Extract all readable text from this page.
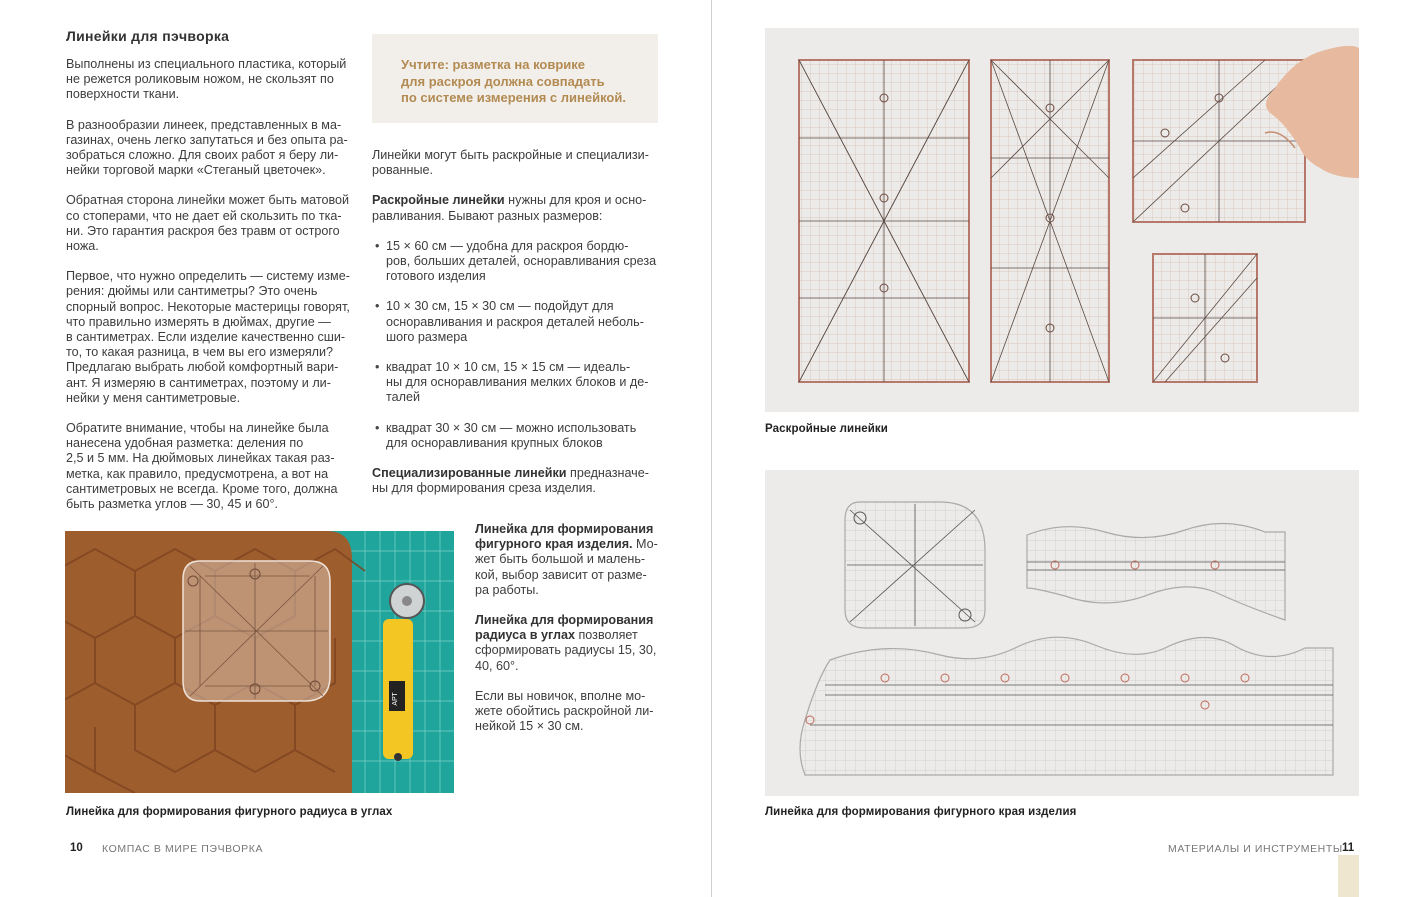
Линейки для пэчворка

Выполнены из специального пластика, который
не режется роликовым ножом, не скользят по
поверхности ткани.

В разнообразии линеек, представленных в ма-
газинах, очень легко запутаться и без опыта ра-
зобраться сложно. Для своих работ я беру ли-
нейки торговой марки «Стеганый цветочек».

Обратная сторона линейки может быть матовой
со стоперами, что не дает ей скользить по тка-
ни. Это гарантия раскроя без травм от острого
ножа.

Первое, что нужно определить — систему изме-
рения: дюймы или сантиметры? Это очень
спорный вопрос. Некоторые мастерицы говорят,
что правильно измерять в дюймах, другие —
в сантиметрах. Если изделие качественно сши-
то, то какая разница, в чем вы его измеряли?
Предлагаю выбрать любой комфортный вари-
ант. Я измеряю в сантиметрах, поэтому и ли-
нейки у меня сантиметровые.

Обратите внимание, чтобы на линейке была
нанесена удобная разметка: деления по
2,5 и 5 мм. На дюймовых линейках такая раз-
метка, как правило, предусмотрена, а вот на
сантиметровых не всегда. Кроме того, должна
быть разметка углов — 30, 45 и 60°.

Учтите: разметка на коврике
для раскроя должна совпадать
по системе измерения с линейкой.

Линейки могут быть раскройные и специализи-
рованные.

Раскройные линейки нужны для кроя и осно-
равливания. Бывают разных размеров:

• 15 × 60 см — удобна для раскроя бордю-
ров, больших деталей, оснoравливания среза
готового изделия
• 10 × 30 см, 15 × 30 см — подойдут для
оснoравливания и раскроя деталей неболь-
шого размера
• квадрат 10 × 10 см, 15 × 15 см — идеаль-
ны для оснoравливания мелких блоков и де-
талей
• квадрат 30 × 30 см — можно использовать
для оснoравливания крупных блоков

Специализированные линейки предназначе-
ны для формирования среза изделия.

АРТ

Линейка для формирования
фигурного края изделия. Мо-
жет быть большой и малень-
кой, выбор зависит от разме-
ра работы.

Линейка для формирования
радиуса в углах позволяет
сформировать радиусы 15, 30,
40, 60°.

Если вы новичок, вполне мо-
жете обойтись раскройной ли-
нейкой 15 × 30 см.

Линейка для формирования фигурного радиуса в углах
10 КОМПАС В МИРЕ ПЭЧВОРКА
Раскройные линейки
Линейка для формирования фигурного края изделия
МАТЕРИАЛЫ И ИНСТРУМЕНТЫ 11
